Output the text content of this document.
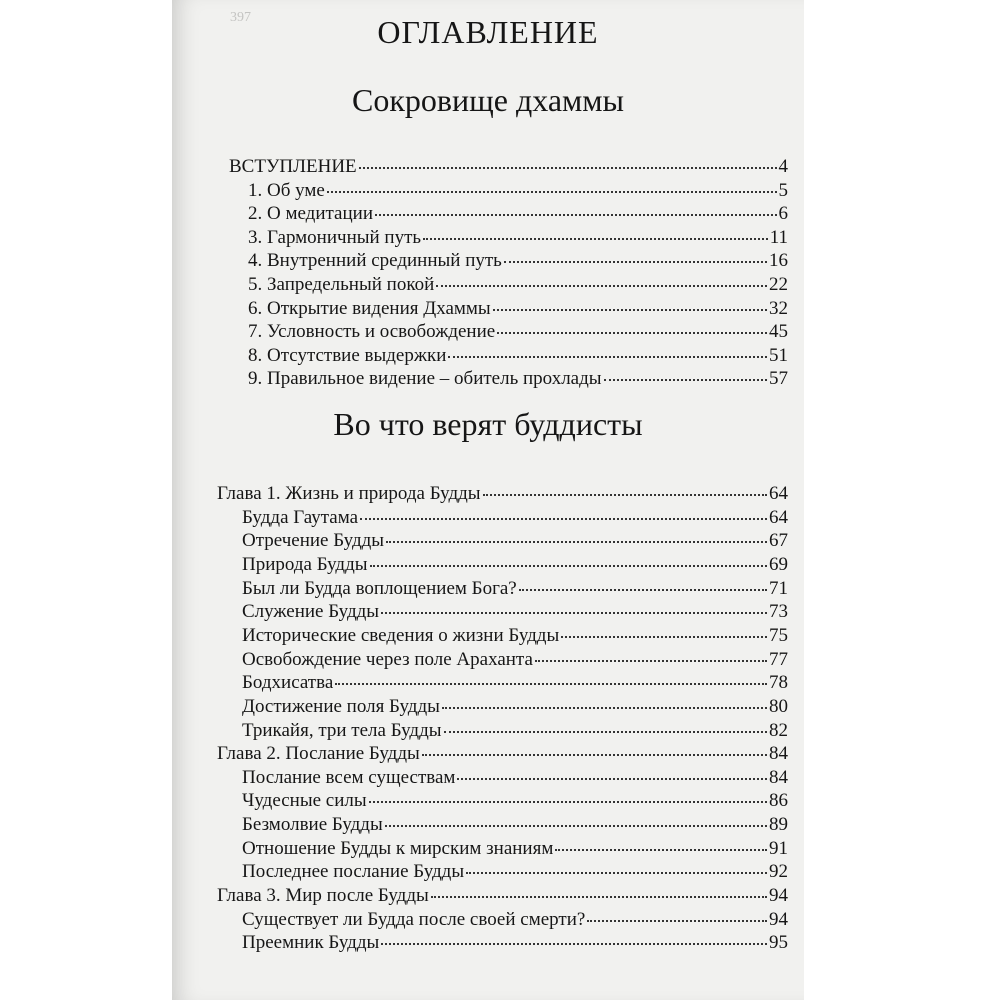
397	ОГЛАВЛЕНИЕ
Сокровище дхаммы
ВСТУПЛЕНИЕ	4
1. Об уме	5
2. О медитации	6
3. Гармоничный путь	11
4. Внутренний срединный путь	16
5. Запредельный покой	22
6. Открытие видения Дхаммы	32
7. Условность и освобождение	45
8. Отсутствие выдержки	51
9. Правильное видение – обитель прохлады	57
Во что верят буддисты
Глава 1. Жизнь и природа Будды	64
Будда Гаутама	64
Отречение Будды	67
Природа Будды	69
Был ли Будда воплощением Бога?	71
Служение Будды	73
Исторические сведения о жизни Будды	75
Освобождение через поле Араханта	77
Бодхисатва	78
Достижение поля Будды	80
Трикайя, три тела Будды	82
Глава 2. Послание Будды	84
Послание всем существам	84
Чудесные силы	86
Безмолвие Будды	89
Отношение Будды к мирским знаниям	91
Последнее послание Будды	92
Глава 3. Мир после Будды	94
Существует ли Будда после своей смерти?	94
Преемник Будды	95
